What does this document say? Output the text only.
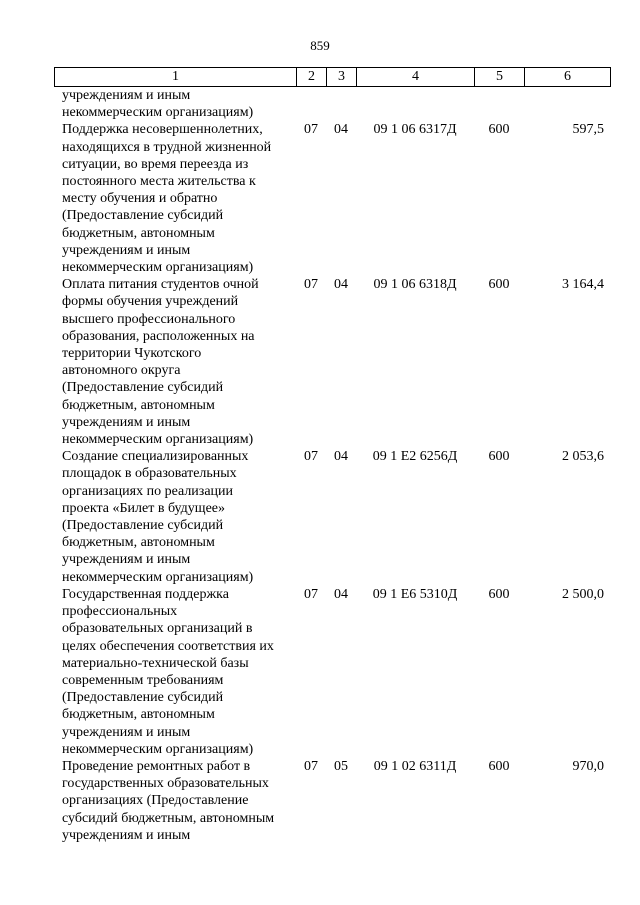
859
1	2	3	4	5	6
учреждениям и иным
некоммерческим организациям)
Поддержка несовершеннолетних,
находящихся в трудной жизненной
ситуации, во время переезда из
постоянного места жительства к
месту обучения и обратно
(Предоставление субсидий
бюджетным, автономным
учреждениям и иным
некоммерческим организациям)
07	04	09 1 06 6317Д	600	597,5
Оплата питания студентов очной
формы обучения учреждений
высшего профессионального
образования, расположенных на
территории Чукотского
автономного округа
(Предоставление субсидий
бюджетным, автономным
учреждениям и иным
некоммерческим организациям)
07	04	09 1 06 6318Д	600	3 164,4
Создание специализированных
площадок в образовательных
организациях по реализации
проекта «Билет в будущее»
(Предоставление субсидий
бюджетным, автономным
учреждениям и иным
некоммерческим организациям)
07	04	09 1 E2 6256Д	600	2 053,6
Государственная поддержка
профессиональных
образовательных организаций в
целях обеспечения соответствия их
материально-технической базы
современным требованиям
(Предоставление субсидий
бюджетным, автономным
учреждениям и иным
некоммерческим организациям)
07	04	09 1 E6 5310Д	600	2 500,0
Проведение ремонтных работ в
государственных образовательных
организациях (Предоставление
субсидий бюджетным, автономным
учреждениям и иным
07	05	09 1 02 6311Д	600	970,0
